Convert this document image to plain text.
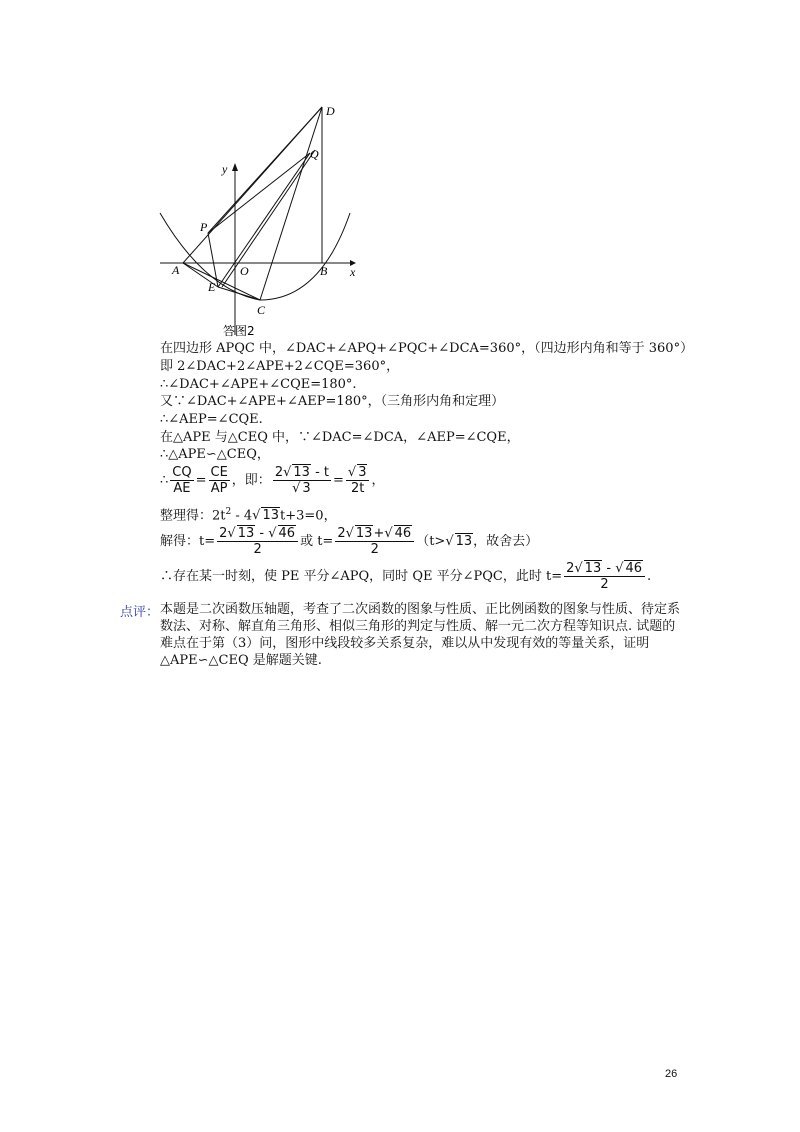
D
Q
y
P
A	O	B x
E
C
答图2
在四边形 APQC 中，∠DAC+∠APQ+∠PQC+∠DCA=360°，（四边形内角和等于 360°）
即 2∠DAC+2∠APE+2∠CQE=360°，
∴∠DAC+∠APE+∠CQE=180°.
又∵∠DAC+∠APE+∠AEP=180°，（三角形内角和定理）
∴∠AEP=∠CQE.
在△APE 与△CEQ 中，∵∠DAC=∠DCA，∠AEP=∠CQE，
∴△APE∽△CEQ，
∴ $\frac{CQ}{AE} = \frac{CE}{AP}$ ，即： $\frac{2√ 13 - t}{√ 3} = \frac{√ 3}{2t}$ ，
整理得：$2t^2 - 4√$ 13t+3=0，
解得：$t= \frac{2√ 13 - √ 46}{2}$ 或 $t= \frac{2√ 13+√ 46}{2} (t>√$ 13，故舍去）
∴存在某一时刻，使 PE 平分∠APQ，同时 QE 平分∠PQC，此时 $t= \frac{2√ 13 - √ 46}{2}$ .
点评： 本题是二次函数压轴题，考查了二次函数的图象与性质、正比例函数的图象与性质、待定系数法、对称、解直角三角形、相似三角形的判定与性质、解一元二次方程等知识点. 试题的难点在于第（3）问，图形中线段较多关系复杂，难以从中发现有效的等量关系，证明△APE∽△CEQ 是解题关键.
26
